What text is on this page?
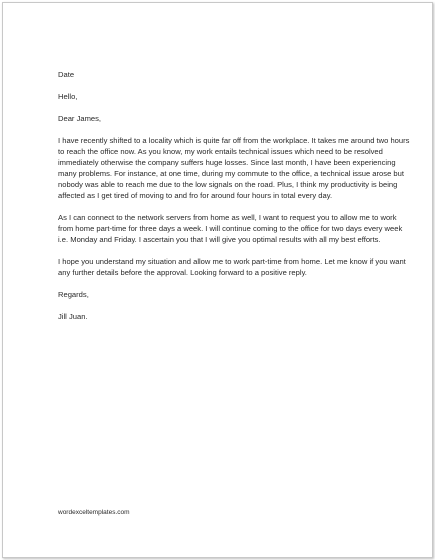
Date

Hello,

Dear James,

I have recently shifted to a locality which is quite far off from the workplace. It takes me around two hours to reach the office now. As you know, my work entails technical issues which need to be resolved immediately otherwise the company suffers huge losses. Since last month, I have been experiencing many problems. For instance, at one time, during my commute to the office, a technical issue arose but nobody was able to reach me due to the low signals on the road. Plus, I think my productivity is being affected as I get tired of moving to and fro for around four hours in total every day.

As I can connect to the network servers from home as well, I want to request you to allow me to work from home part-time for three days a week. I will continue coming to the office for two days every week i.e. Monday and Friday. I ascertain you that I will give you optimal results with all my best efforts.

I hope you understand my situation and allow me to work part-time from home. Let me know if you want any further details before the approval. Looking forward to a positive reply.

Regards,

Jill Juan.

wordexceltemplates.com
